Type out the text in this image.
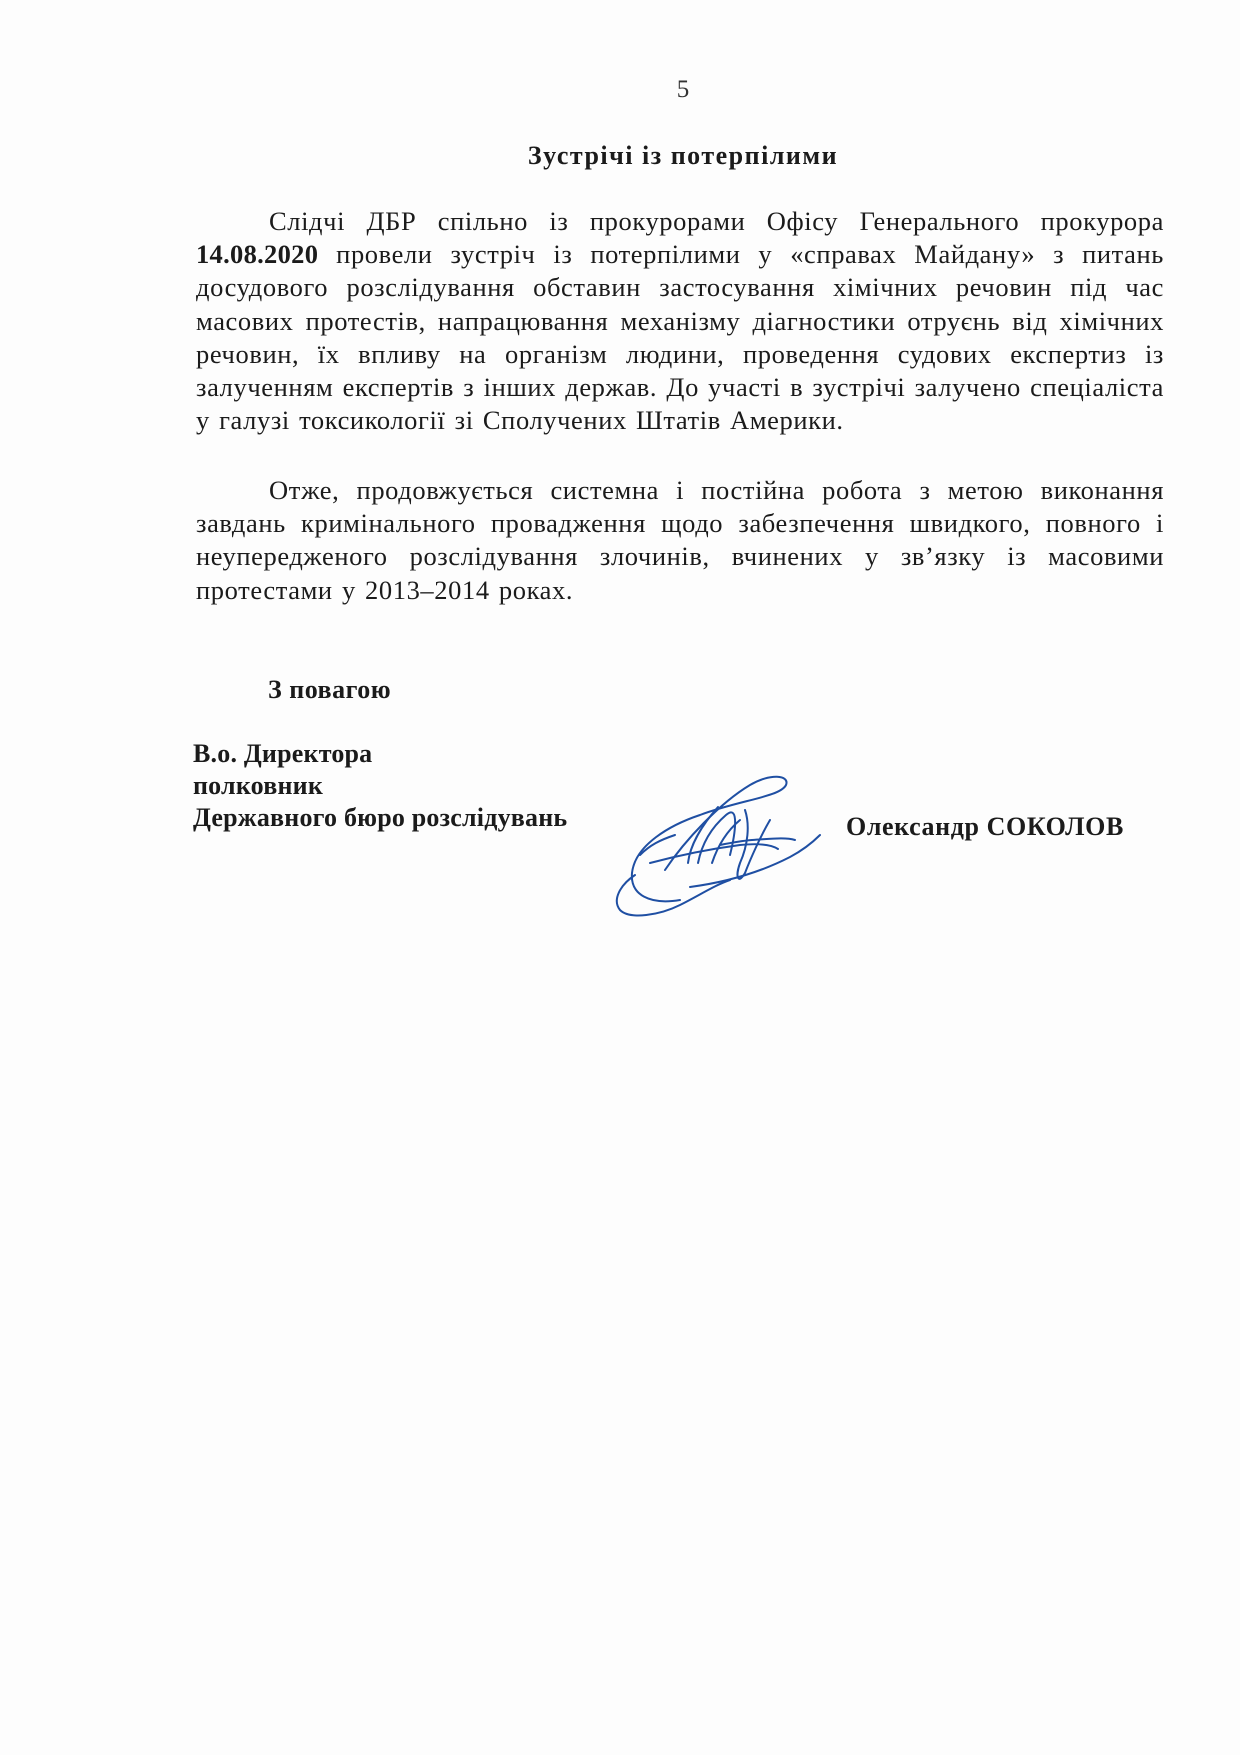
5
Зустрічі із потерпілими

Слідчі ДБР спільно із прокурорами Офісу Генерального прокурора 14.08.2020 провели зустріч із потерпілими у «справах Майдану» з питань досудового розслідування обставин застосування хімічних речовин під час масових протестів, напрацювання механізму діагностики отруєнь від хімічних речовин, їх впливу на організм людини, проведення судових експертиз із залученням експертів з інших держав. До участі в зустрічі залучено спеціаліста у галузі токсикології зі Сполучених Штатів Америки.

Отже, продовжується системна і постійна робота з метою виконання завдань кримінального провадження щодо забезпечення швидкого, повного і неупередженого розслідування злочинів, вчинених у зв’язку із масовими протестами у 2013–2014 роках.

З повагою
В.о. Директора
полковник
Державного бюро розслідувань	Олександр СОКОЛОВ
